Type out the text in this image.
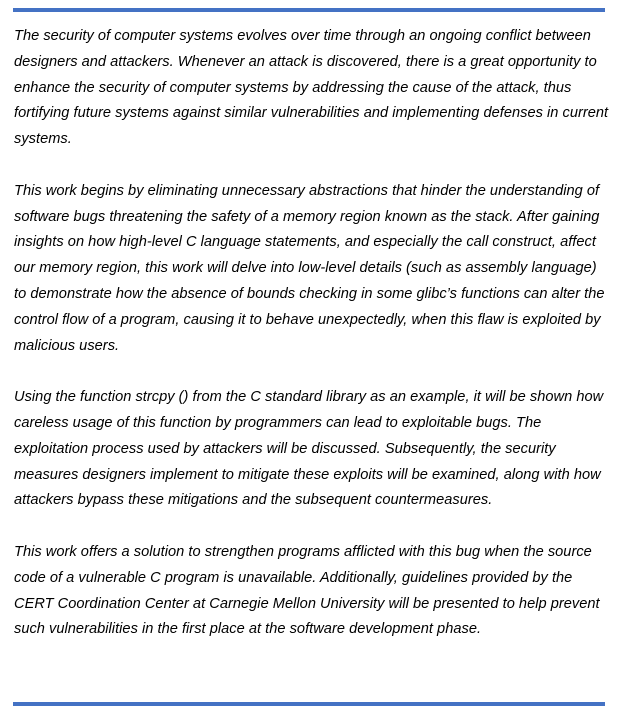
The security of computer systems evolves over time through an ongoing conflict between designers and attackers. Whenever an attack is discovered, there is a great opportunity to enhance the security of computer systems by addressing the cause of the attack, thus fortifying future systems against similar vulnerabilities and implementing defenses in current systems.

This work begins by eliminating unnecessary abstractions that hinder the understanding of software bugs threatening the safety of a memory region known as the stack. After gaining insights on how high-level C language statements, and especially the call construct, affect our memory region, this work will delve into low-level details (such as assembly language) to demonstrate how the absence of bounds checking in some glibc’s functions can alter the control flow of a program, causing it to behave unexpectedly, when this flaw is exploited by malicious users.

Using the function strcpy () from the C standard library as an example, it will be shown how careless usage of this function by programmers can lead to exploitable bugs. The exploitation process used by attackers will be discussed. Subsequently, the security measures designers implement to mitigate these exploits will be examined, along with how attackers bypass these mitigations and the subsequent countermeasures.

This work offers a solution to strengthen programs afflicted with this bug when the source code of a vulnerable C program is unavailable. Additionally, guidelines provided by the CERT Coordination Center at Carnegie Mellon University will be presented to help prevent such vulnerabilities in the first place at the software development phase.
